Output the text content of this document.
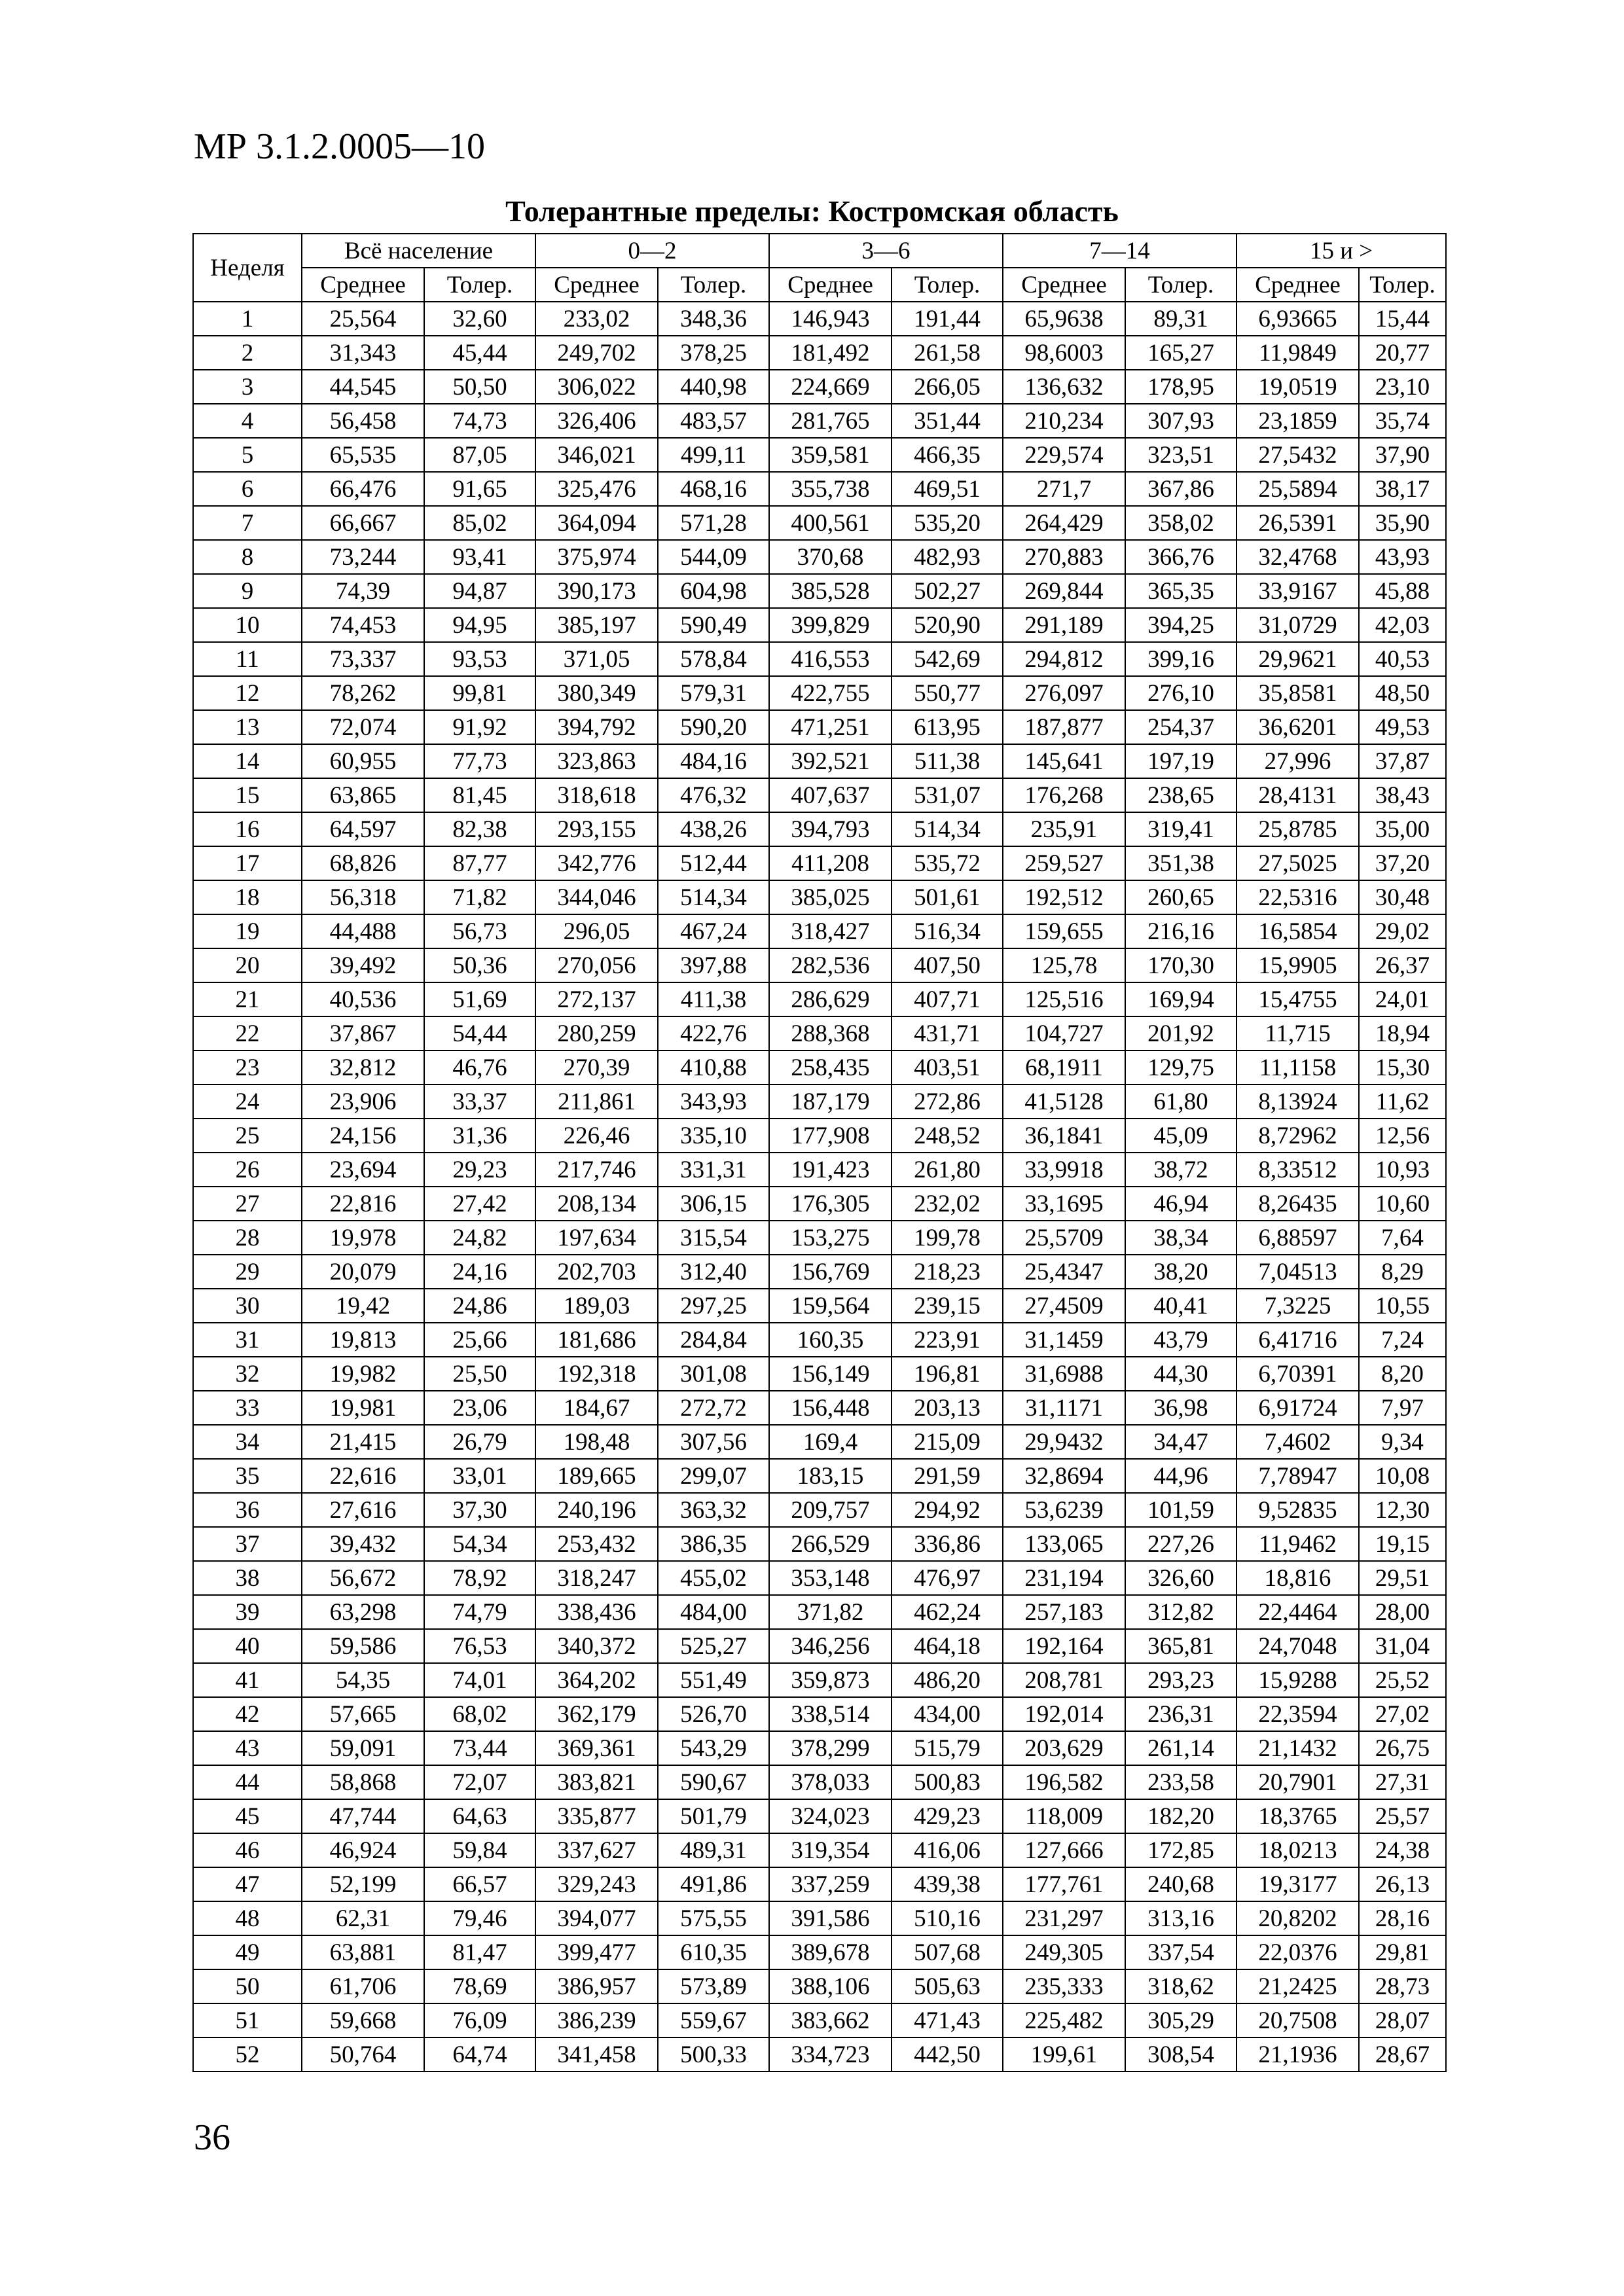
МР 3.1.2.0005—10
Толерантные пределы: Костромская область
Неделя	Всё население		0—2		3—6		7—14		15 и >	
	Среднее	Толер.	Среднее	Толер.	Среднее	Толер.	Среднее	Толер.	Среднее	Толер.
1	25,564	32,60	233,02	348,36	146,943	191,44	65,9638	89,31	6,93665	15,44
2	31,343	45,44	249,702	378,25	181,492	261,58	98,6003	165,27	11,9849	20,77
3	44,545	50,50	306,022	440,98	224,669	266,05	136,632	178,95	19,0519	23,10
4	56,458	74,73	326,406	483,57	281,765	351,44	210,234	307,93	23,1859	35,74
5	65,535	87,05	346,021	499,11	359,581	466,35	229,574	323,51	27,5432	37,90
6	66,476	91,65	325,476	468,16	355,738	469,51	271,7	367,86	25,5894	38,17
7	66,667	85,02	364,094	571,28	400,561	535,20	264,429	358,02	26,5391	35,90
8	73,244	93,41	375,974	544,09	370,68	482,93	270,883	366,76	32,4768	43,93
9	74,39	94,87	390,173	604,98	385,528	502,27	269,844	365,35	33,9167	45,88
10	74,453	94,95	385,197	590,49	399,829	520,90	291,189	394,25	31,0729	42,03
11	73,337	93,53	371,05	578,84	416,553	542,69	294,812	399,16	29,9621	40,53
12	78,262	99,81	380,349	579,31	422,755	550,77	276,097	276,10	35,8581	48,50
13	72,074	91,92	394,792	590,20	471,251	613,95	187,877	254,37	36,6201	49,53
14	60,955	77,73	323,863	484,16	392,521	511,38	145,641	197,19	27,996	37,87
15	63,865	81,45	318,618	476,32	407,637	531,07	176,268	238,65	28,4131	38,43
16	64,597	82,38	293,155	438,26	394,793	514,34	235,91	319,41	25,8785	35,00
17	68,826	87,77	342,776	512,44	411,208	535,72	259,527	351,38	27,5025	37,20
18	56,318	71,82	344,046	514,34	385,025	501,61	192,512	260,65	22,5316	30,48
19	44,488	56,73	296,05	467,24	318,427	516,34	159,655	216,16	16,5854	29,02
20	39,492	50,36	270,056	397,88	282,536	407,50	125,78	170,30	15,9905	26,37
21	40,536	51,69	272,137	411,38	286,629	407,71	125,516	169,94	15,4755	24,01
22	37,867	54,44	280,259	422,76	288,368	431,71	104,727	201,92	11,715	18,94
23	32,812	46,76	270,39	410,88	258,435	403,51	68,1911	129,75	11,1158	15,30
24	23,906	33,37	211,861	343,93	187,179	272,86	41,5128	61,80	8,13924	11,62
25	24,156	31,36	226,46	335,10	177,908	248,52	36,1841	45,09	8,72962	12,56
26	23,694	29,23	217,746	331,31	191,423	261,80	33,9918	38,72	8,33512	10,93
27	22,816	27,42	208,134	306,15	176,305	232,02	33,1695	46,94	8,26435	10,60
28	19,978	24,82	197,634	315,54	153,275	199,78	25,5709	38,34	6,88597	7,64
29	20,079	24,16	202,703	312,40	156,769	218,23	25,4347	38,20	7,04513	8,29
30	19,42	24,86	189,03	297,25	159,564	239,15	27,4509	40,41	7,3225	10,55
31	19,813	25,66	181,686	284,84	160,35	223,91	31,1459	43,79	6,41716	7,24
32	19,982	25,50	192,318	301,08	156,149	196,81	31,6988	44,30	6,70391	8,20
33	19,981	23,06	184,67	272,72	156,448	203,13	31,1171	36,98	6,91724	7,97
34	21,415	26,79	198,48	307,56	169,4	215,09	29,9432	34,47	7,4602	9,34
35	22,616	33,01	189,665	299,07	183,15	291,59	32,8694	44,96	7,78947	10,08
36	27,616	37,30	240,196	363,32	209,757	294,92	53,6239	101,59	9,52835	12,30
37	39,432	54,34	253,432	386,35	266,529	336,86	133,065	227,26	11,9462	19,15
38	56,672	78,92	318,247	455,02	353,148	476,97	231,194	326,60	18,816	29,51
39	63,298	74,79	338,436	484,00	371,82	462,24	257,183	312,82	22,4464	28,00
40	59,586	76,53	340,372	525,27	346,256	464,18	192,164	365,81	24,7048	31,04
41	54,35	74,01	364,202	551,49	359,873	486,20	208,781	293,23	15,9288	25,52
42	57,665	68,02	362,179	526,70	338,514	434,00	192,014	236,31	22,3594	27,02
43	59,091	73,44	369,361	543,29	378,299	515,79	203,629	261,14	21,1432	26,75
44	58,868	72,07	383,821	590,67	378,033	500,83	196,582	233,58	20,7901	27,31
45	47,744	64,63	335,877	501,79	324,023	429,23	118,009	182,20	18,3765	25,57
46	46,924	59,84	337,627	489,31	319,354	416,06	127,666	172,85	18,0213	24,38
47	52,199	66,57	329,243	491,86	337,259	439,38	177,761	240,68	19,3177	26,13
48	62,31	79,46	394,077	575,55	391,586	510,16	231,297	313,16	20,8202	28,16
49	63,881	81,47	399,477	610,35	389,678	507,68	249,305	337,54	22,0376	29,81
50	61,706	78,69	386,957	573,89	388,106	505,63	235,333	318,62	21,2425	28,73
51	59,668	76,09	386,239	559,67	383,662	471,43	225,482	305,29	20,7508	28,07
52	50,764	64,74	341,458	500,33	334,723	442,50	199,61	308,54	21,1936	28,67
36
